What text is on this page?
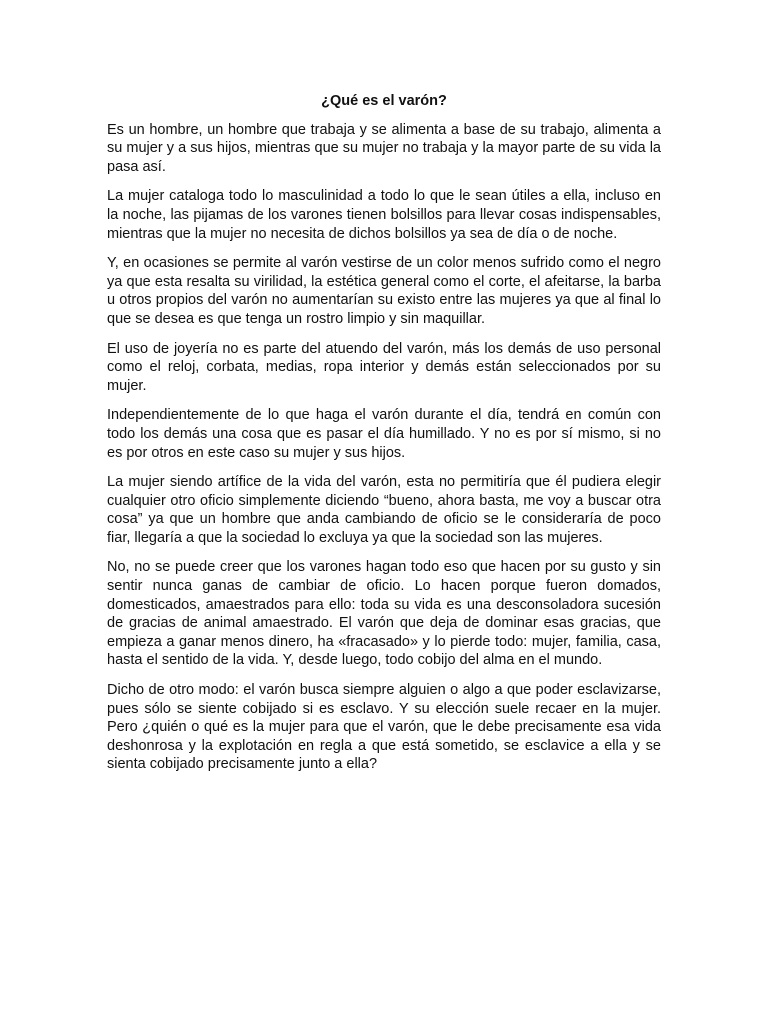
¿Qué es el varón?

Es un hombre, un hombre que trabaja y se alimenta a base de su trabajo, alimenta a su mujer y a sus hijos, mientras que su mujer no trabaja y la mayor parte de su vida la pasa así.

La mujer cataloga todo lo masculinidad a todo lo que le sean útiles a ella, incluso en la noche, las pijamas de los varones tienen bolsillos para llevar cosas indispensables, mientras que la mujer no necesita de dichos bolsillos ya sea de día o de noche.

Y, en ocasiones se permite al varón vestirse de un color menos sufrido como el negro ya que esta resalta su virilidad, la estética general como el corte, el afeitarse, la barba u otros propios del varón no aumentarían su existo entre las mujeres ya que al final lo que se desea es que tenga un rostro limpio y sin maquillar.

El uso de joyería no es parte del atuendo del varón, más los demás de uso personal como el reloj, corbata, medias, ropa interior y demás están seleccionados por su mujer.

Independientemente de lo que haga el varón durante el día, tendrá en común con todo los demás una cosa que es pasar el día humillado. Y no es por sí mismo, si no es por otros en este caso su mujer y sus hijos.

La mujer siendo artífice de la vida del varón, esta no permitiría que él pudiera elegir cualquier otro oficio simplemente diciendo “bueno, ahora basta, me voy a buscar otra cosa” ya que un hombre que anda cambiando de oficio se le consideraría de poco fiar, llegaría a que la sociedad lo excluya ya que la sociedad son las mujeres.

No, no se puede creer que los varones hagan todo eso que hacen por su gusto y sin sentir nunca ganas de cambiar de oficio. Lo hacen porque fueron domados, domesticados, amaestrados para ello: toda su vida es una desconsoladora sucesión de gracias de animal amaestrado. El varón que deja de dominar esas gracias, que empieza a ganar menos dinero, ha «fracasado» y lo pierde todo: mujer, familia, casa, hasta el sentido de la vida. Y, desde luego, todo cobijo del alma en el mundo.

Dicho de otro modo: el varón busca siempre alguien o algo a que poder esclavizarse, pues sólo se siente cobijado si es esclavo. Y su elección suele recaer en la mujer. Pero ¿quién o qué es la mujer para que el varón, que le debe precisamente esa vida deshonrosa y la explotación en regla a que está sometido, se esclavice a ella y se sienta cobijado precisamente junto a ella?
